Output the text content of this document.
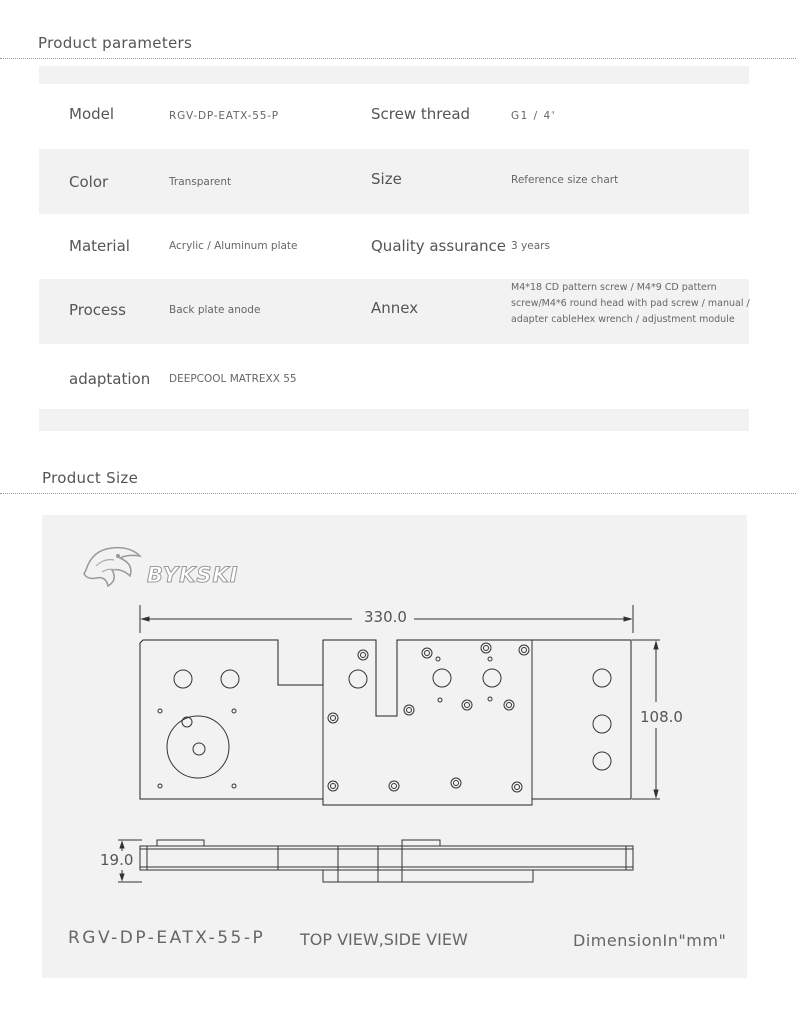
Product parameters
Model	RGV-DP-EATX-55-P	Screw thread	G1 / 4'
Color	Transparent	Size	Reference size chart
Material	Acrylic / Aluminum plate	Quality assurance 3 years
Process	Back plate anode	Annex
M4*18 CD pattern screw / M4*9 CD pattern screw/M4*6 round head with pad screw / manual / adapter cableHex wrench / adjustment module
adaptation DEEPCOOL MATREXX 55
Product Size
BYKSKI
330.0
108.0
19.0
RGV-DP-EATX-55-P TOP VIEW,SIDE VIEW	DimensionIn"mm"
